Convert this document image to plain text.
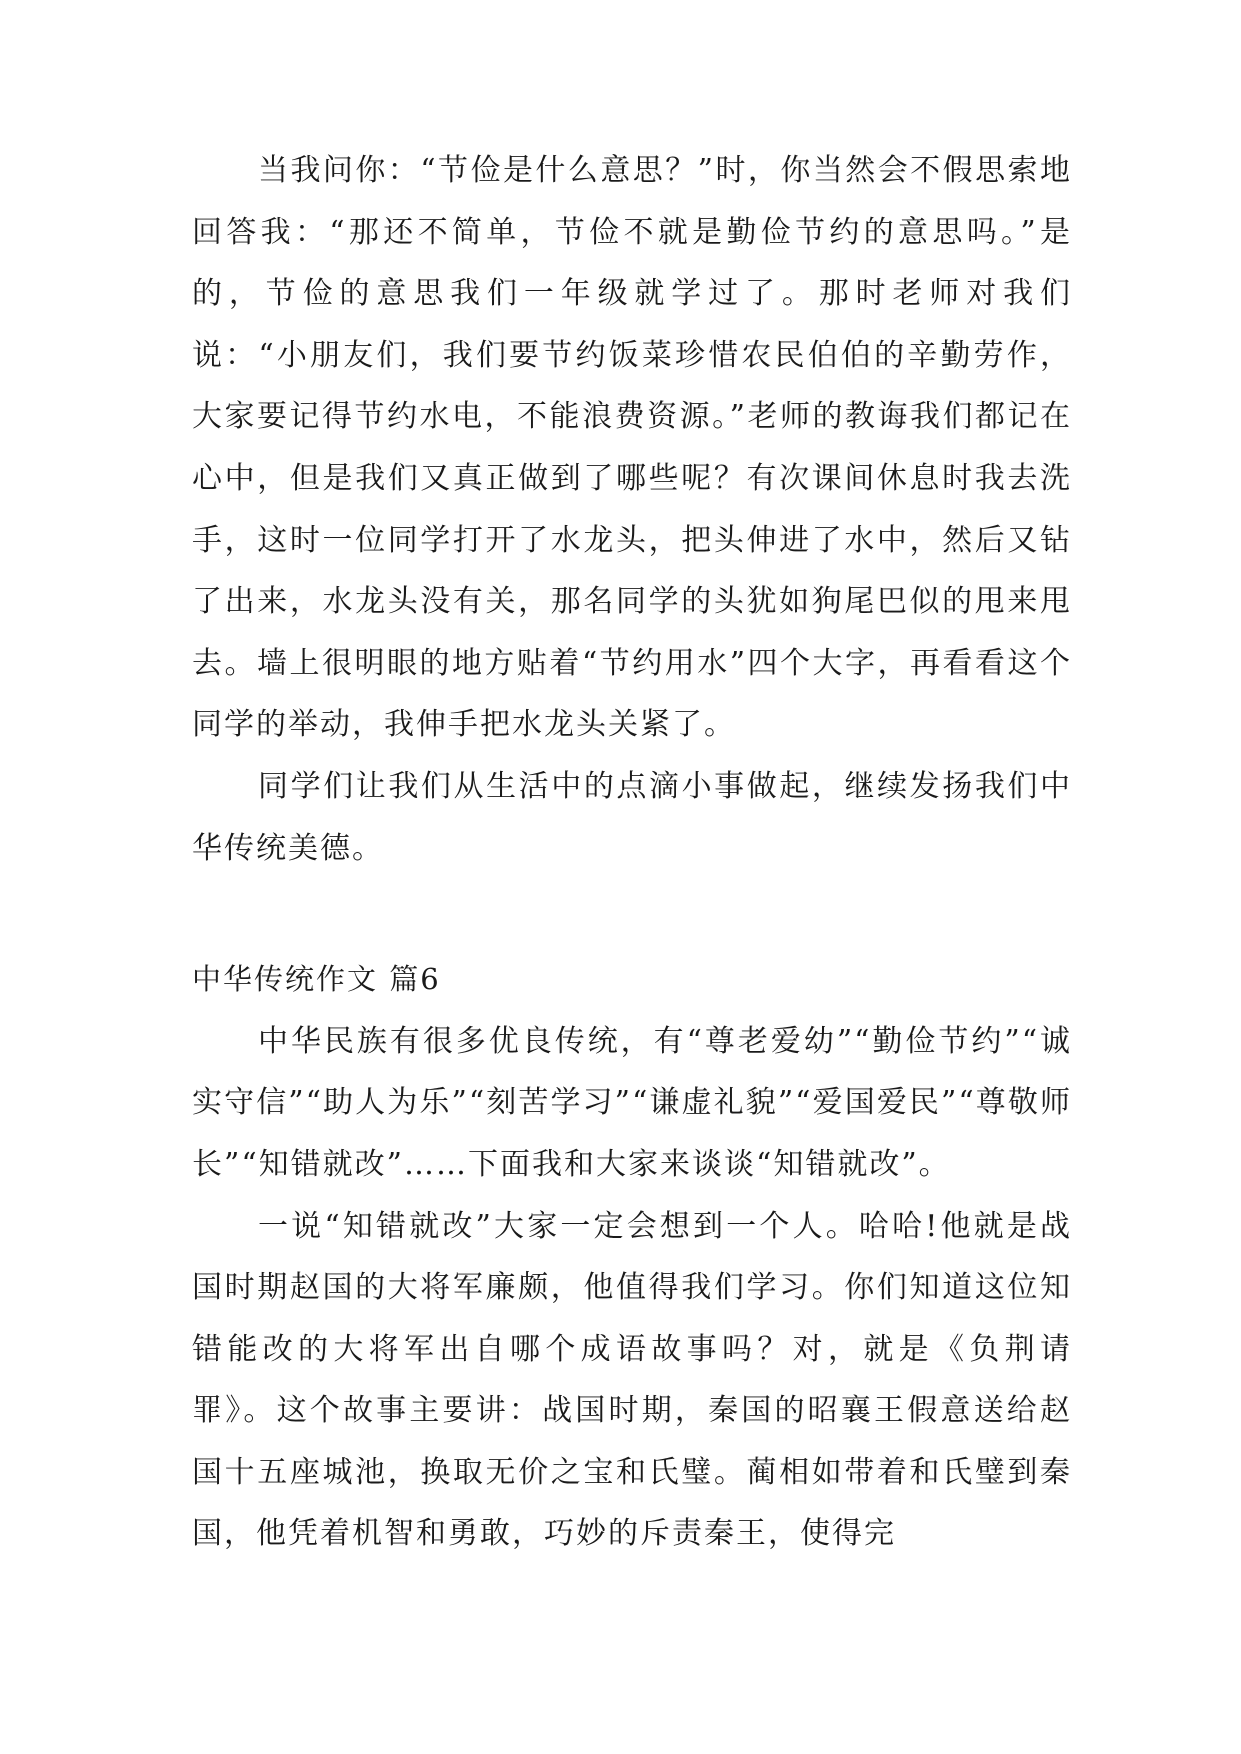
当我问你：“节俭是什么意思？”时，你当然会不假思索地回答我：“那还不简单，节俭不就是勤俭节约的意思吗。”是的，节俭的意思我们一年级就学过了。那时老师对我们说：“小朋友们，我们要节约饭菜珍惜农民伯伯的辛勤劳作，大家要记得节约水电，不能浪费资源。”老师的教诲我们都记在心中，但是我们又真正做到了哪些呢？有次课间休息时我去洗手，这时一位同学打开了水龙头，把头伸进了水中，然后又钻了出来，水龙头没有关，那名同学的头犹如狗尾巴似的甩来甩去。墙上很明眼的地方贴着“节约用水”四个大字，再看看这个同学的举动，我伸手把水龙头关紧了。

同学们让我们从生活中的点滴小事做起，继续发扬我们中华传统美德。

中华传统作文 篇6

中华民族有很多优良传统，有“尊老爱幼”“勤俭节约”“诚实守信”“助人为乐”“刻苦学习”“谦虚礼貌”“爱国爱民”“尊敬师长”“知错就改”……下面我和大家来谈谈“知错就改”。

一说“知错就改”大家一定会想到一个人。哈哈!他就是战国时期赵国的大将军廉颇，他值得我们学习。你们知道这位知错能改的大将军出自哪个成语故事吗？对，就是《负荆请罪》。这个故事主要讲：战国时期，秦国的昭襄王假意送给赵国十五座城池，换取无价之宝和氏璧。蔺相如带着和氏璧到秦国，他凭着机智和勇敢，巧妙的斥责秦王，使得完
